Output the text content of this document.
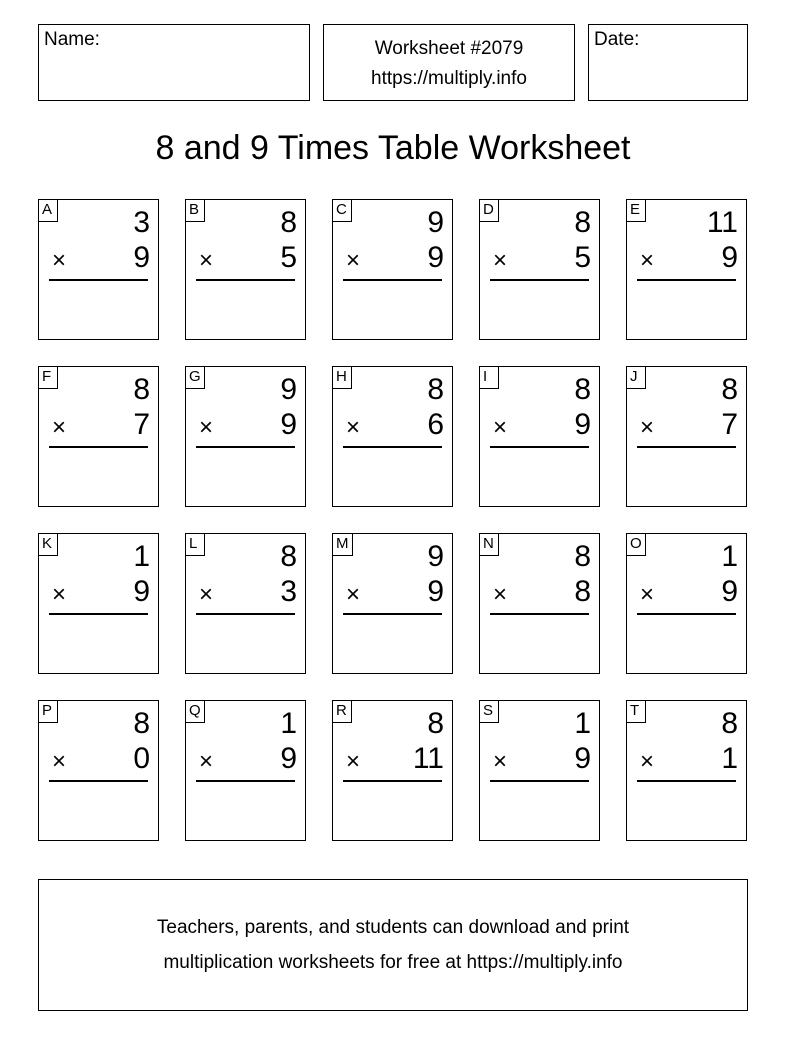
Name:	Worksheet #2079
https://multiply.info
Date:
8 and 9 Times Table Worksheet
A	3
× 9
B	8
× 5
C	9
× 9
D	8
× 5
E 11
× 9
F	8
× 7
G	9
× 9
H	8
× 6
I	8
× 9
J	8
× 7
K	1
× 9
L	8
× 3
M	9
× 9
N	8
× 8
O	1
× 9
P	8
× 0
Q	1
× 9
R	8
× 11
S	1
× 9
T	8
× 1
Teachers, parents, and students can download and print
multiplication worksheets for free at https://multiply.info
